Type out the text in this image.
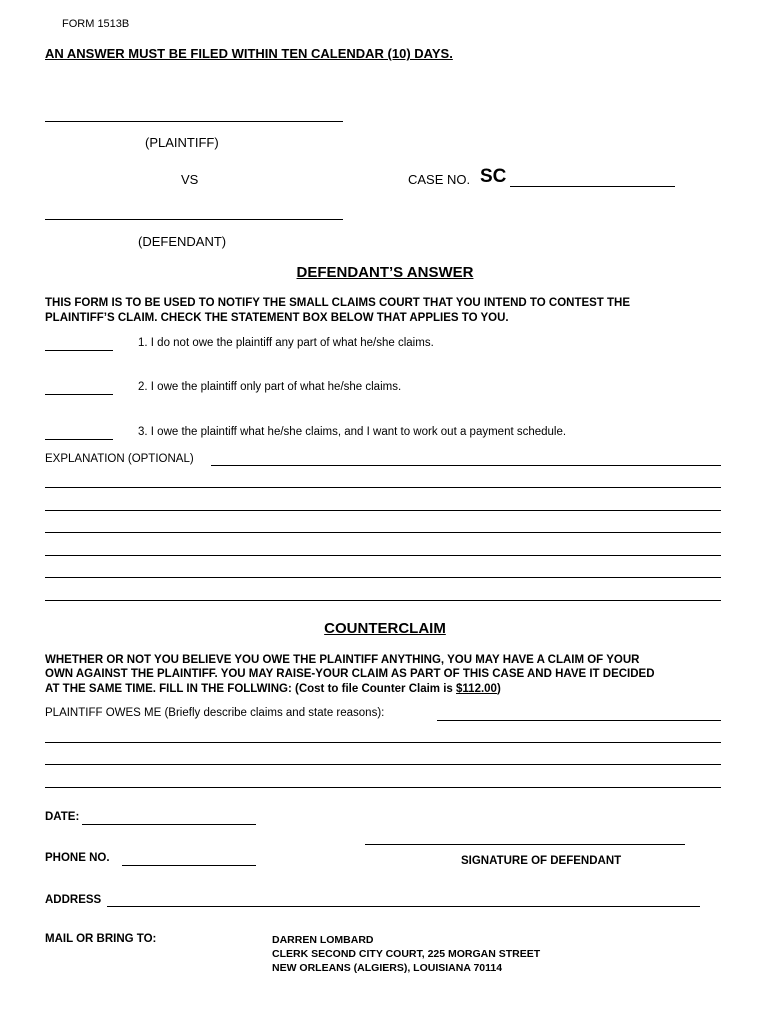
FORM 1513B
AN ANSWER MUST BE FILED WITHIN TEN CALENDAR (10) DAYS.
(PLAINTIFF)
VS	CASE NO. SC
(DEFENDANT)
DEFENDANT’S ANSWER
THIS FORM IS TO BE USED TO NOTIFY THE SMALL CLAIMS COURT THAT YOU INTEND TO CONTEST THE
PLAINTIFF’S CLAIM. CHECK THE STATEMENT BOX BELOW THAT APPLIES TO YOU.
1. I do not owe the plaintiff any part of what he/she claims.
2. I owe the plaintiff only part of what he/she claims.
3. I owe the plaintiff what he/she claims, and I want to work out a payment schedule.
EXPLANATION (OPTIONAL)
COUNTERCLAIM
WHETHER OR NOT YOU BELIEVE YOU OWE THE PLAINTIFF ANYTHING, YOU MAY HAVE A CLAIM OF YOUR
OWN AGAINST THE PLAINTIFF. YOU MAY RAISE-YOUR CLAIM AS PART OF THIS CASE AND HAVE IT DECIDED
AT THE SAME TIME. FILL IN THE FOLLWING: (Cost to file Counter Claim is $112.00)
PLAINTIFF OWES ME (Briefly describe claims and state reasons):
DATE:
PHONE NO.	SIGNATURE OF DEFENDANT
ADDRESS
MAIL OR BRING TO:	DARREN LOMBARD
CLERK SECOND CITY COURT, 225 MORGAN STREET
NEW ORLEANS (ALGIERS), LOUISIANA 70114
